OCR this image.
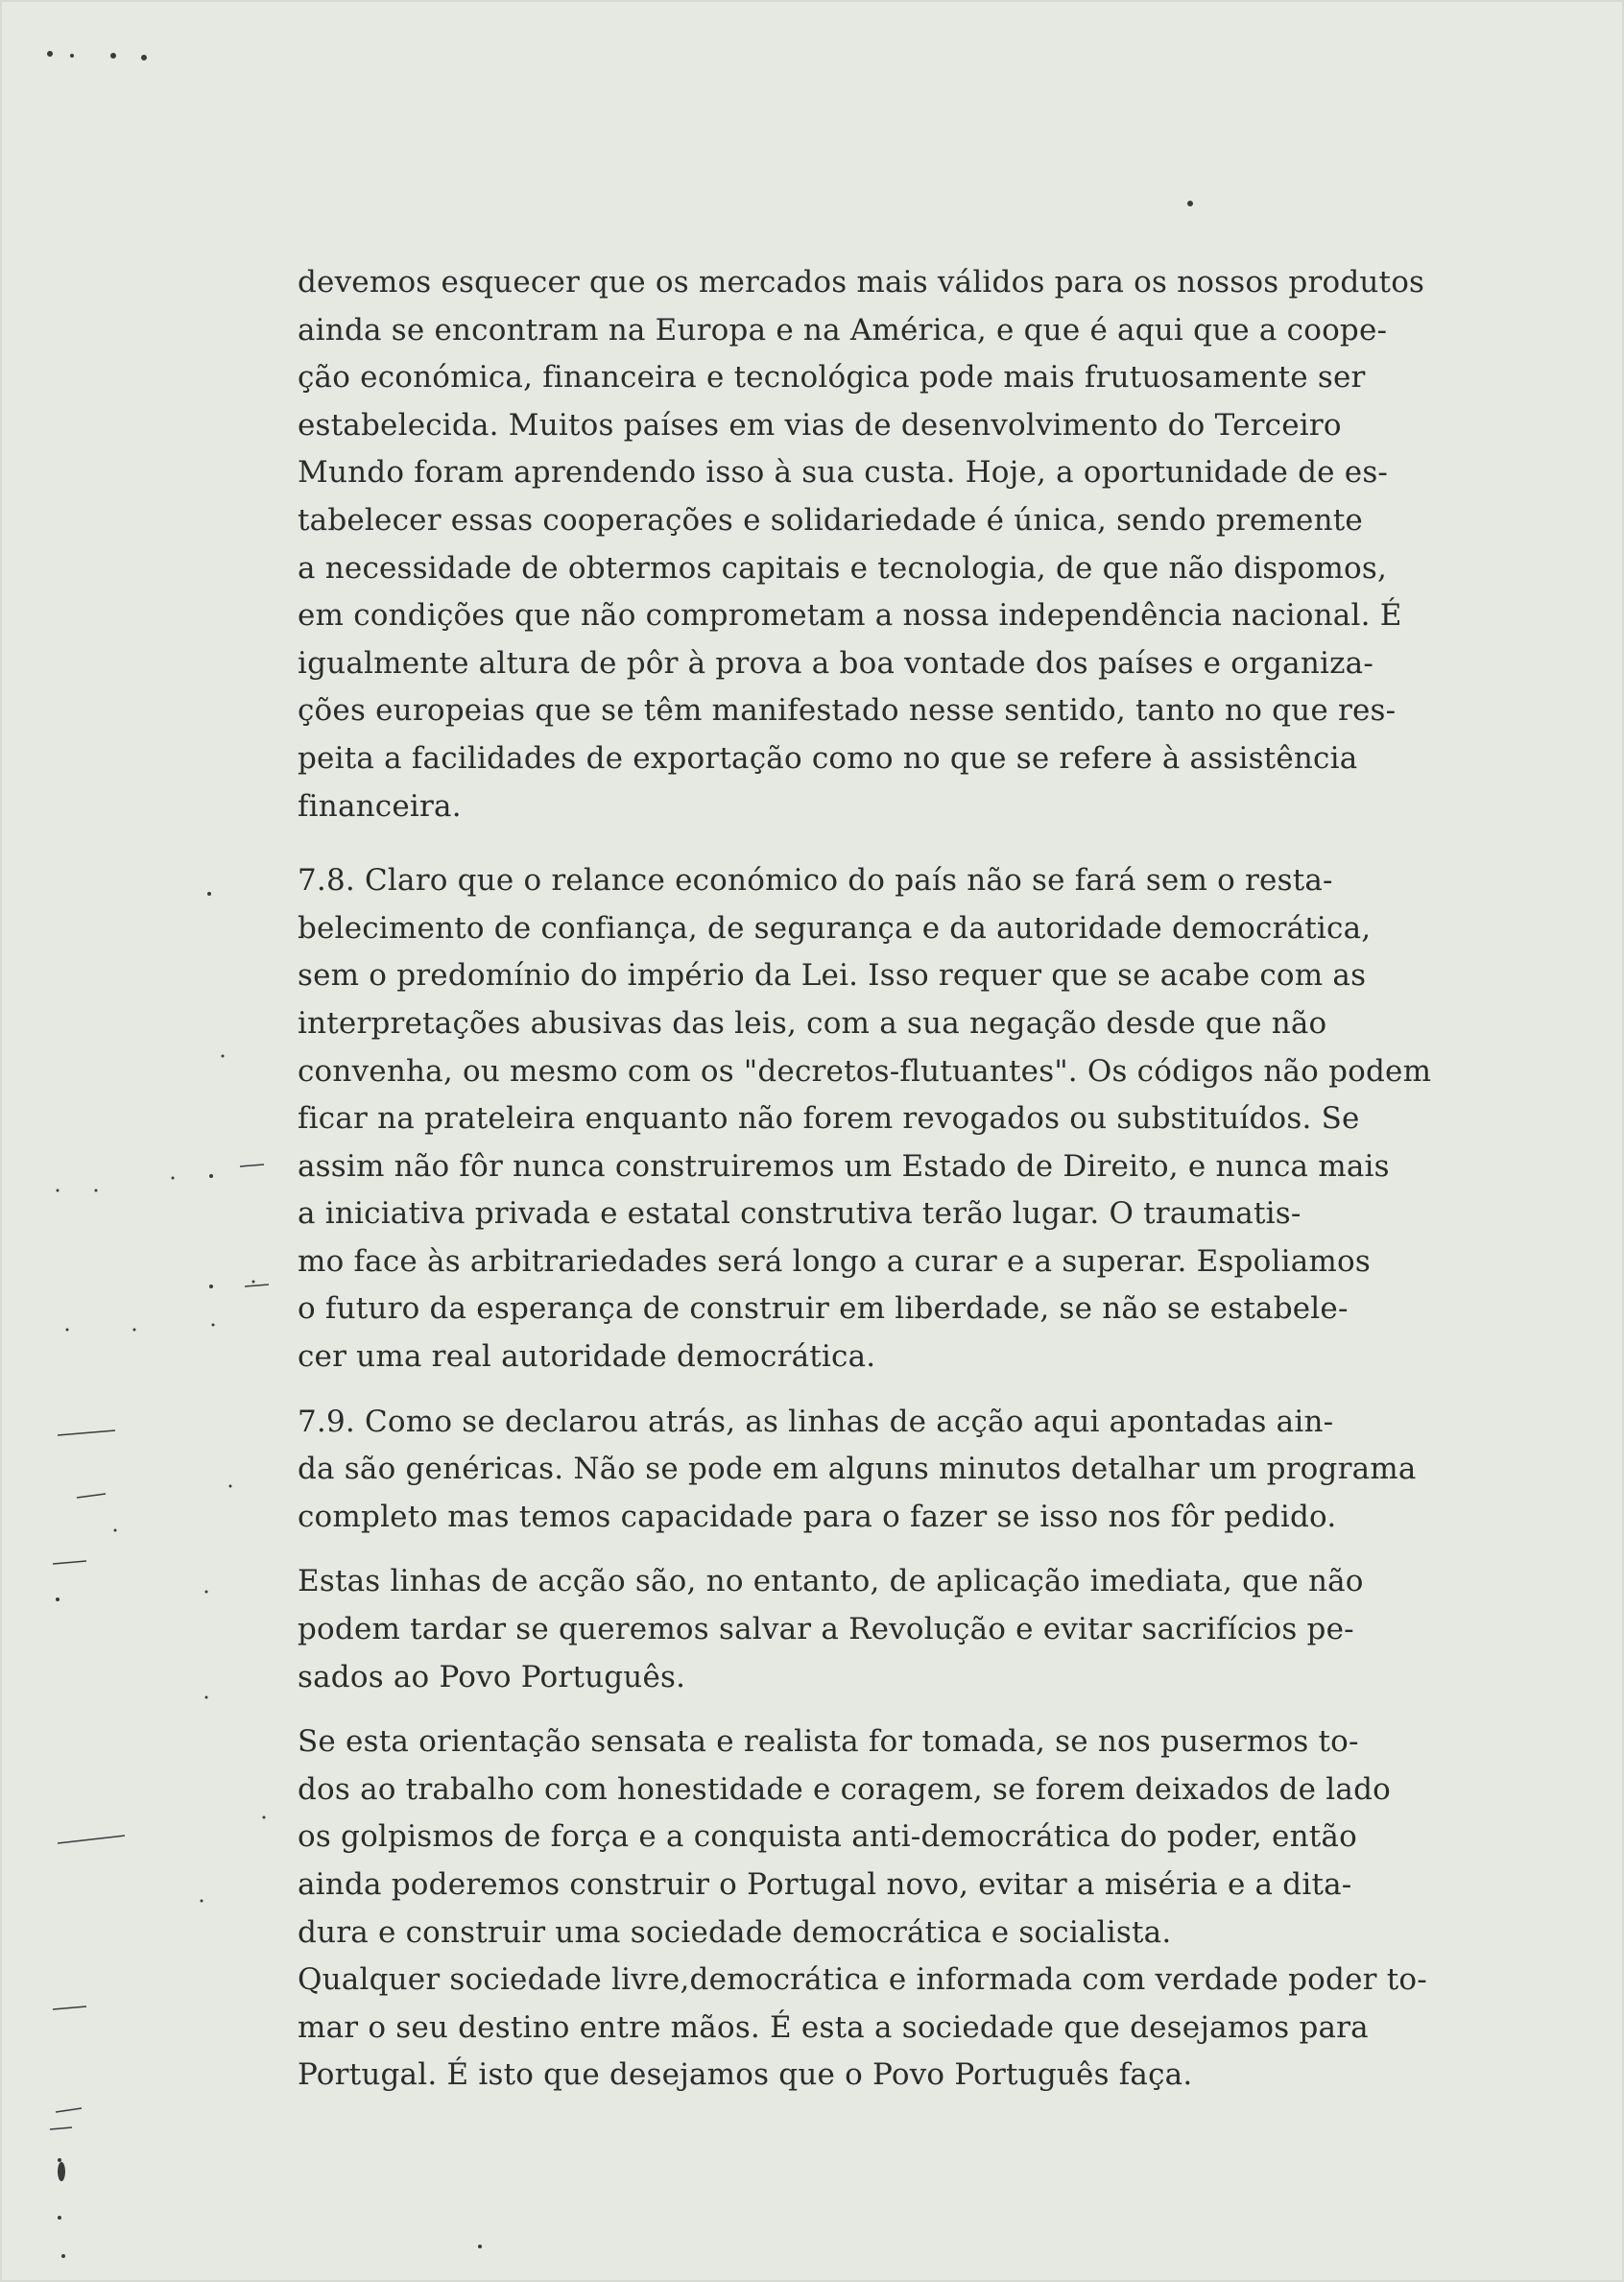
devemos esquecer que os mercados mais válidos para os nossos produtos
ainda se encontram na Europa e na América, e que é aqui que a coope-
ção económica, financeira e tecnológica pode mais frutuosamente ser
estabelecida. Muitos países em vias de desenvolvimento do Terceiro
Mundo foram aprendendo isso à sua custa. Hoje, a oportunidade de es-
tabelecer essas cooperações e solidariedade é única, sendo premente
a necessidade de obtermos capitais e tecnologia, de que não dispomos,
em condições que não comprometam a nossa independência nacional. É
igualmente altura de pôr à prova a boa vontade dos países e organiza-
ções europeias que se têm manifestado nesse sentido, tanto no que res-
peita a facilidades de exportação como no que se refere à assistência
financeira.

7.8. Claro que o relance económico do país não se fará sem o resta-
belecimento de confiança, de segurança e da autoridade democrática,
sem o predomínio do império da Lei. Isso requer que se acabe com as
interpretações abusivas das leis, com a sua negação desde que não
convenha, ou mesmo com os "decretos-flutuantes". Os códigos não podem
ficar na prateleira enquanto não forem revogados ou substituídos. Se
assim não fôr nunca construiremos um Estado de Direito, e nunca mais
a iniciativa privada e estatal construtiva terão lugar. O traumatis-
mo face às arbitrariedades será longo a curar e a superar. Espoliamos
o futuro da esperança de construir em liberdade, se não se estabele-
cer uma real autoridade democrática.

7.9. Como se declarou atrás, as linhas de acção aqui apontadas ain-
da são genéricas. Não se pode em alguns minutos detalhar um programa
completo mas temos capacidade para o fazer se isso nos fôr pedido.

Estas linhas de acção são, no entanto, de aplicação imediata, que não
podem tardar se queremos salvar a Revolução e evitar sacrifícios pe-
sados ao Povo Português.

Se esta orientação sensata e realista for tomada, se nos pusermos to-
dos ao trabalho com honestidade e coragem, se forem deixados de lado
os golpismos de força e a conquista anti-democrática do poder, então
ainda poderemos construir o Portugal novo, evitar a miséria e a dita-
dura e construir uma sociedade democrática e socialista.

Qualquer sociedade livre,democrática e informada com verdade poder to-
mar o seu destino entre mãos. É esta a sociedade que desejamos para
Portugal. É isto que desejamos que o Povo Português faça.
